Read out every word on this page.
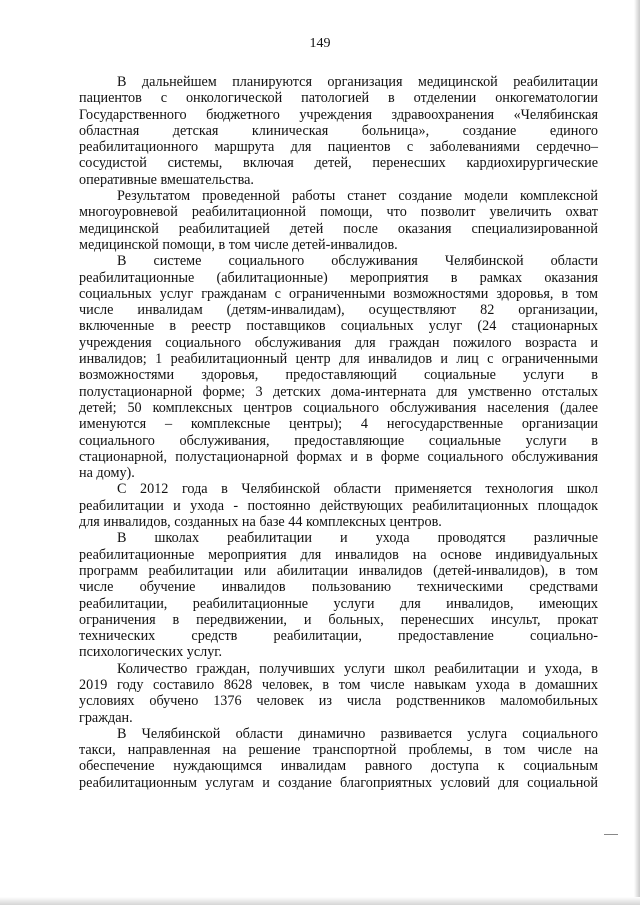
149
В дальнейшем планируются организация медицинской реабилитации
пациентов с онкологической патологией в отделении онкогематологии
Государственного бюджетного учреждения здравоохранения «Челябинская
областная детская клиническая больница», создание единого
реабилитационного маршрута для пациентов с заболеваниями сердечно–
сосудистой системы, включая детей, перенесших кардиохирургические
оперативные вмешательства.
Результатом проведенной работы станет создание модели комплексной
многоуровневой реабилитационной помощи, что позволит увеличить охват
медицинской реабилитацией детей после оказания специализированной
медицинской помощи, в том числе детей-инвалидов.
В системе социального обслуживания Челябинской области
реабилитационные (абилитационные) мероприятия в рамках оказания
социальных услуг гражданам с ограниченными возможностями здоровья, в том
числе инвалидам (детям-инвалидам), осуществляют 82 организации,
включенные в реестр поставщиков социальных услуг (24 стационарных
учреждения социального обслуживания для граждан пожилого возраста и
инвалидов; 1 реабилитационный центр для инвалидов и лиц с ограниченными
возможностями здоровья, предоставляющий социальные услуги в
полустационарной форме; 3 детских дома-интерната для умственно отсталых
детей; 50 комплексных центров социального обслуживания населения (далее
именуются – комплексные центры); 4 негосударственные организации
социального обслуживания, предоставляющие социальные услуги в
стационарной, полустационарной формах и в форме социального обслуживания
на дому).
С 2012 года в Челябинской области применяется технология школ
реабилитации и ухода - постоянно действующих реабилитационных площадок
для инвалидов, созданных на базе 44 комплексных центров.
В школах реабилитации и ухода проводятся различные
реабилитационные мероприятия для инвалидов на основе индивидуальных
программ реабилитации или абилитации инвалидов (детей-инвалидов), в том
числе обучение инвалидов пользованию техническими средствами
реабилитации, реабилитационные услуги для инвалидов, имеющих
ограничения в передвижении, и больных, перенесших инсульт, прокат
технических средств реабилитации, предоставление социально-
психологических услуг.
Количество граждан, получивших услуги школ реабилитации и ухода, в
2019 году составило 8628 человек, в том числе навыкам ухода в домашних
условиях обучено 1376 человек из числа родственников маломобильных
граждан.
В Челябинской области динамично развивается услуга социального
такси, направленная на решение транспортной проблемы, в том числе на
обеспечение нуждающимся инвалидам равного доступа к социальным
реабилитационным услугам и создание благоприятных условий для социальной
